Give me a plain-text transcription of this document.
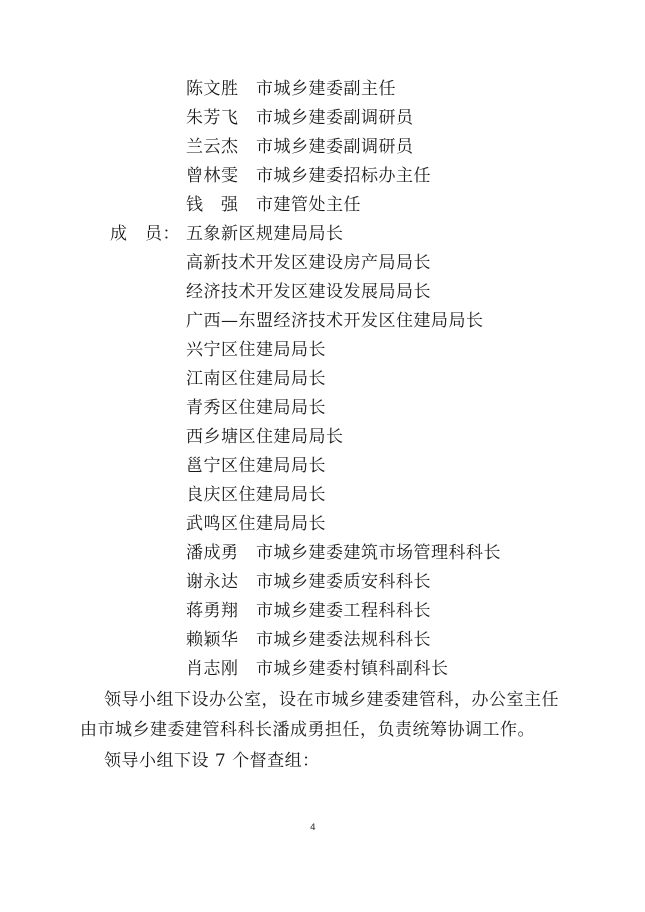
陈文胜 市城乡建委副主任
朱芳飞 市城乡建委副调研员
兰云杰 市城乡建委副调研员
曾林雯 市城乡建委招标办主任
钱　强 市建管处主任
成　员： 五象新区规建局局长
高新技术开发区建设房产局局长
经济技术开发区建设发展局局长
广西—东盟经济技术开发区住建局局长
兴宁区住建局局长
江南区住建局局长
青秀区住建局局长
西乡塘区住建局局长
邕宁区住建局局长
良庆区住建局局长
武鸣区住建局局长
潘成勇 市城乡建委建筑市场管理科科长
谢永达 市城乡建委质安科科长
蒋勇翔 市城乡建委工程科科长
赖颖华 市城乡建委法规科科长
肖志刚 市城乡建委村镇科副科长
领导小组下设办公室，设在市城乡建委建管科，办公室主任
由市城乡建委建管科科长潘成勇担任，负责统筹协调工作。
领导小组下设 7 个督查组：
4
